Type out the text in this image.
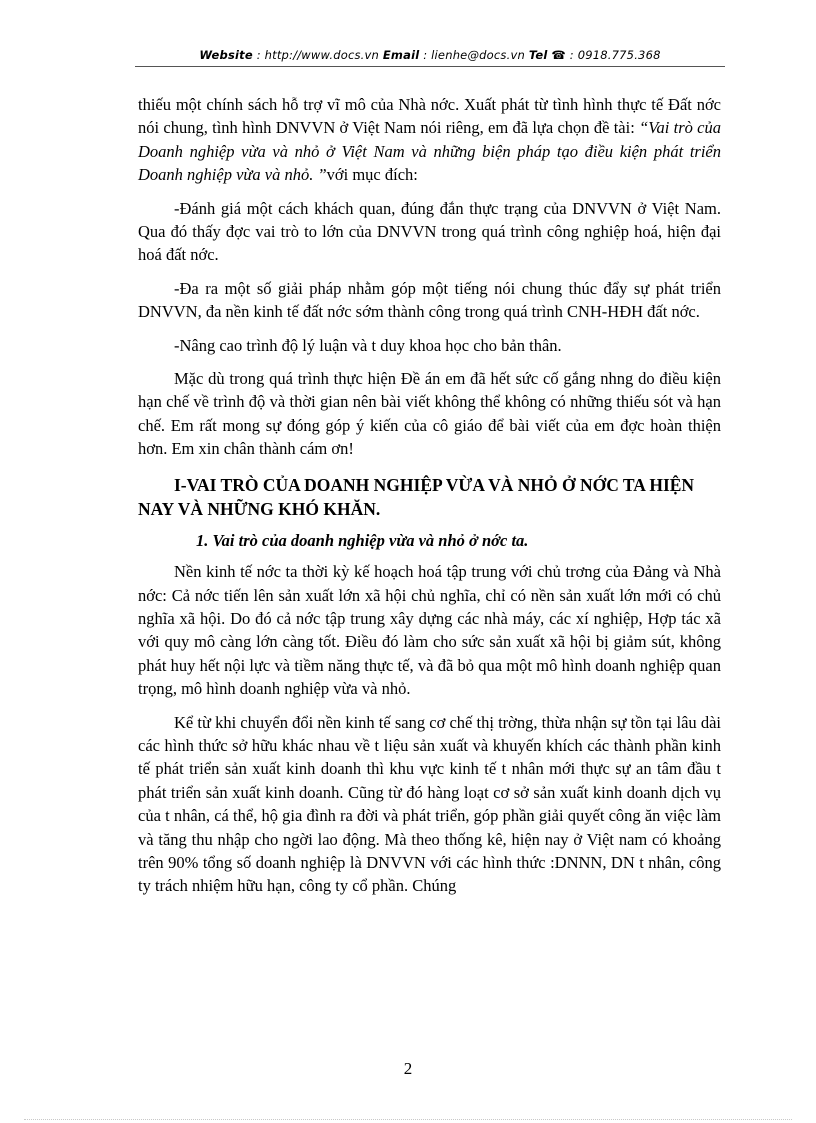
Website : http://www.docs.vn Email : lienhe@docs.vn Tel ☎ : 0918.775.368

thiếu một chính sách hỗ trợ vĩ mô của Nhà nớc. Xuất phát từ tình hình thực tế Đất nớc nói chung, tình hình DNVVN ở Việt Nam nói riêng, em đã lựa chọn đề tài: “Vai trò của Doanh nghiệp vừa và nhỏ ở Việt Nam và những biện pháp tạo điều kiện phát triển Doanh nghiệp vừa và nhỏ. ”với mục đích:

-Đánh giá một cách khách quan, đúng đắn thực trạng của DNVVN ở Việt Nam. Qua đó thấy đợc vai trò to lớn của DNVVN trong quá trình công nghiệp hoá, hiện đại hoá đất nớc.

-Đa ra một số giải pháp nhằm góp một tiếng nói chung thúc đẩy sự phát triển DNVVN, đa nền kinh tế đất nớc sớm thành công trong quá trình CNH-HĐH đất nớc.

-Nâng cao trình độ lý luận và t duy khoa học cho bản thân.

Mặc dù trong quá trình thực hiện Đề án em đã hết sức cố gắng nhng do điều kiện hạn chế về trình độ và thời gian nên bài viết không thể không có những thiếu sót và hạn chế. Em rất mong sự đóng góp ý kiến của cô giáo để bài viết của em đợc hoàn thiện hơn. Em xin chân thành cám ơn!

I-VAI TRÒ CỦA DOANH NGHIỆP VỪA VÀ NHỎ Ở NỚC TA HIỆN NAY VÀ NHỮNG KHÓ KHĂN.

1. Vai trò của doanh nghiệp vừa và nhỏ ở nớc ta.

Nền kinh tế nớc ta thời kỳ kế hoạch hoá tập trung với chủ trơng của Đảng và Nhà nớc: Cả nớc tiến lên sản xuất lớn xã hội chủ nghĩa, chỉ có nền sản xuất lớn mới có chủ nghĩa xã hội. Do đó cả nớc tập trung xây dựng các nhà máy, các xí nghiệp, Hợp tác xã với quy mô càng lớn càng tốt. Điều đó làm cho sức sản xuất xã hội bị giảm sút, không phát huy hết nội lực và tiềm năng thực tế, và đã bỏ qua một mô hình doanh nghiệp quan trọng, mô hình doanh nghiệp vừa và nhỏ.

Kể từ khi chuyển đổi nền kinh tế sang cơ chế thị trờng, thừa nhận sự tồn tại lâu dài các hình thức sở hữu khác nhau về t liệu sản xuất và khuyến khích các thành phần kinh tế phát triển sản xuất kinh doanh thì khu vực kinh tế t nhân mới thực sự an tâm đầu t phát triển sản xuất kinh doanh. Cũng từ đó hàng loạt cơ sở sản xuất kinh doanh dịch vụ của t nhân, cá thể, hộ gia đình ra đời và phát triển, góp phần giải quyết công ăn việc làm và tăng thu nhập cho ngời lao động. Mà theo thống kê, hiện nay ở Việt nam có khoảng trên 90% tổng số doanh nghiệp là DNVVN với các hình thức :DNNN, DN t nhân, công ty trách nhiệm hữu hạn, công ty cổ phần. Chúng

2
